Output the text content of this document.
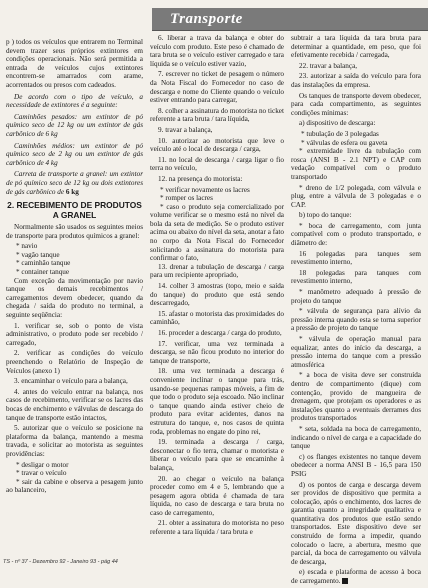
Transporte

p ) todos os veículos que entrarem no Terminal devem trazer seus próprios extintores em condições operacionais. Não será permitida a entrada de veículos cujos extintores encontrem-se amarrados com arame, acorrentados ou presos com cadeados.

De acordo com o tipo de veículo, a necessidade de extintores é a seguinte:

Caminhões pesados: um extintor de pó químico seco de 12 kg ou um extintor de gás carbônico de 6 kg

Caminhões médios: um extintor de pó químico seco de 2 kg ou um extintor de gás carbônico de 4 kg

Carreta de transporte a granel: um extintor de pó químico seco de 12 kg ou dois extintores de gás carbônico de 6 kg

2. RECEBIMENTO DE PRODUTOS A GRANEL

Normalmente são usados os seguintes meios de transporte para produtos químicos a granel:

* navio

* vagão tanque

* caminhão tanque

* container tanque

Com exceção da movimentação por navio tanque os demais recebimentos / carregamentos devem obedecer, quando da chegada / saída do produto no terminal, a seguinte seqüência:

1. verificar se, sob o ponto de vista administrativo, o produto pode ser recebido / carregado,

2. verificar as condições do veículo preenchendo o Relatório de Inspeção de Veículos (anexo 1)

3. encaminhar o veículo para a balança,

4. antes do veículo entrar na balança, nos casos de recebimento, verificar se os lacres das bocas de enchimento e válvulas de descarga do tanque de transporte estão intactos,

5. autorizar que o veículo se posicione na plataforma da balança, mantendo a mesma travada, e solicitar ao motorista as seguintes providências:

* desligar o motor

* travar o veículo

* sair da cabine e observa a pesagem junto ao balanceiro,

6. liberar a trava da balança e obter do veículo com produto. Este peso é chamado de tara bruta se o veículo estiver carregado e tara líquida se o veículo estiver vazio,

7. escrever no ticket de pesagem o número da Nota Fiscal do Fornecedor no caso de descarga e nome do Cliente quando o veículo estiver entrando para carregar,

8. colher a assinatura do motorista no ticket referente a tara bruta / tara líquida,

9. travar a balança,

10. autorizar ao motorista que leve o veículo até o local de descarga / carga,

11. no local de descarga / carga ligar o fio terra no veículo,

12. na presença do motorista:

* verificar novamente os lacres

* romper os lacres

* caso o produto seja comercializado por volume verificar se o mesmo está no nível da bola da seta de medição. Se o produto estiver acima ou abaixo do nível da seta, anotar a fato no corpo da Nota Fiscal do Fornecedor solicitando a assinatura do motorista para confirmar o fato,

13. drenar a tubulação de descarga / carga para um recipiente apropriado,

14. colher 3 amostras (topo, meio e saída do tanque) do produto que está sendo descarregado,

15. afastar o motorista das proximidades do caminhão,

16. proceder a descarga / carga do produto,

17. verificar, uma vez terminada a descarga, se não ficou produto no interior do tanque de transporte,

18. uma vez terminada a descarga é conveniente inclinar o tanque para trás, usando-se pequenas rampas móveis, a fim de que todo o produto seja escoado. Não inclinar o tanque quando ainda estiver cheio de produto para evitar acidentes, danos na estrutura do tanque, e, nos casos de quinta roda, problemas no engate do pino rei,

19. terminada a descarga / carga, desconectar o fio terra, chamar o motorista e liberar o veículo para que se encaminhe à balança,

20. ao chegar o veículo na balança proceder como em 4 e 5, lembrando que a pesagem agora obtida é chamada de tara líquida, no caso de descarga e tara bruta no caso de carregamento,

21. obter a assinatura do motorista no peso referente a tara líquida / tara bruta e

subtrair a tara líquida da tara bruta para determinar a quantidade, em peso, que foi efetivamente recebida / carregada,

22. travar a balança,

23. autorizar a saída do veículo para fora das instalações da empresa.

Os tanques de transporte devem obedecer, para cada compartimento, as seguintes condições mínimas:

a) dispositivo de descarga:

* tubulação de 3 polegadas

* válvulas de esfera ou gaveta

* extremidade livre da tubulação com rosca (ANSI B - 2.1 NPT) e CAP com vedação compatível com o produto transportado

* dreno de 1/2 polegada, com válvula e plug, entre a válvula de 3 polegadas e o CAP.

b) topo do tanque:

* boca de carregamento, com junta compatível com o produto transportado, e diâmetro de:

16 polegadas para tanques sem revestimento interno,

18 polegadas para tanques com revestimento interno,

* manômetro adequado à pressão de projeto do tanque

* válvula de segurança para alívio da pressão interna quando esta se torna superior a pressão de projeto do tanque

* válvula de operação manual para equalizar, antes do início da descarga, a pressão interna do tanque com a pressão atmosférica

* a boca de visita deve ser construída dentro de compartimento (dique) com contenção, provido de mangueira de drenagem, que protejam os operadores e as instalações quanto a eventuais derrames dos produtos transportados

* seta, soldada na boca de carregamento, indicando o nível de carga e a capacidade do tanque

c) os flanges existentes no tanque devem obedecer a norma ANSI B - 16,5 para 150 PSIG

d) os pontos de carga e descarga devem ser providos de dispositivo que permita a colocação, após o enchimento, dos lacres de garantia quanto a integridade qualitativa e quantitativa dos produtos que estão sendo transportados. Este dispositivo deve ser construído de forma a impedir, quando colocado o lacre, a abertura, mesmo que parcial, da boca de carregamento ou válvula de descarga,

e) escada e plataforma de acesso à boca de carregamento.

TS - nº 37 - Dezembro 92 - Janeiro 93 - pág 44
